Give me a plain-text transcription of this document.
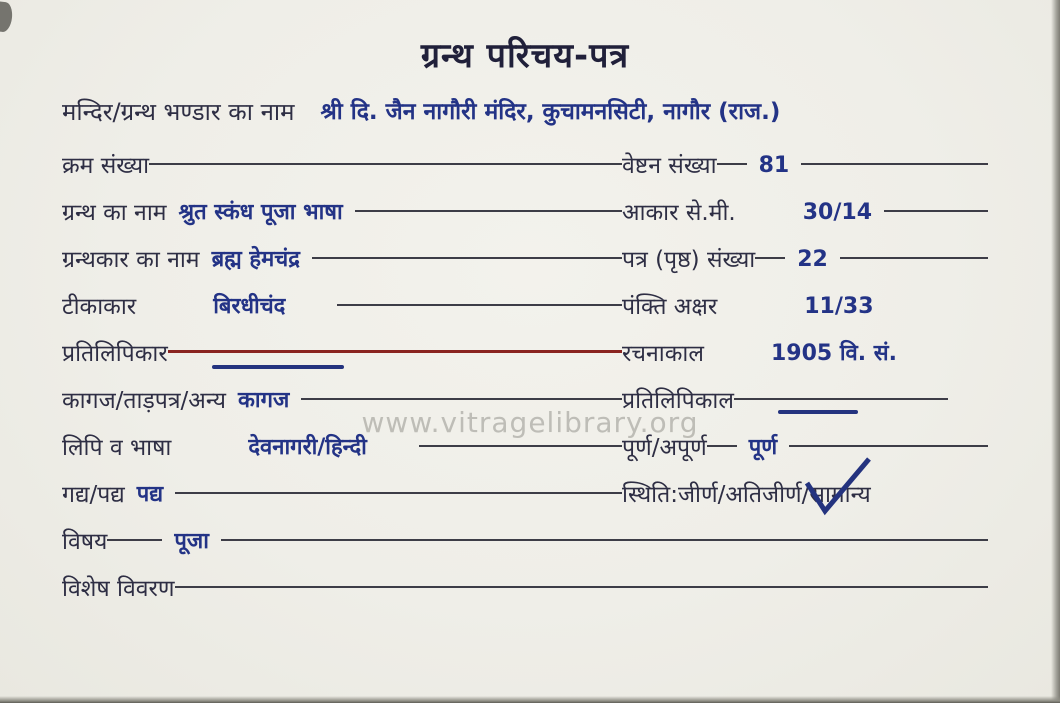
ग्रन्थ परिचय-पत्र
मन्दिर/ग्रन्थ भण्डार का नाम	श्री दि. जैन नागौरी मंदिर, कुचामनसिटी, नागौर (राज.)
क्रम संख्या	वेष्टन संख्या	81
ग्रन्थ का नाम श्रुत स्कंध पूजा भाषा	आकार से.मी.	30/14
ग्रन्थकार का नाम ब्रह्म हेमचंद्र	पत्र (पृष्ठ) संख्या	22
टीकाकार	बिरधीचंद	पंक्ति अक्षर	11/33
प्रतिलिपिकार	रचनाकाल	1905 वि. सं.
कागज/ताड़पत्र/अन्य कागज	प्रतिलिपिकाल
लिपि व भाषा	देवनागरी/हिन्दी	पूर्ण/अपूर्ण	पूर्ण
गद्य/पद्य पद्य	स्थिति:जीर्ण/अतिजीर्ण/ सामान्य
विषय	पूजा
विशेष विवरण
www.vitragelibrary.org
